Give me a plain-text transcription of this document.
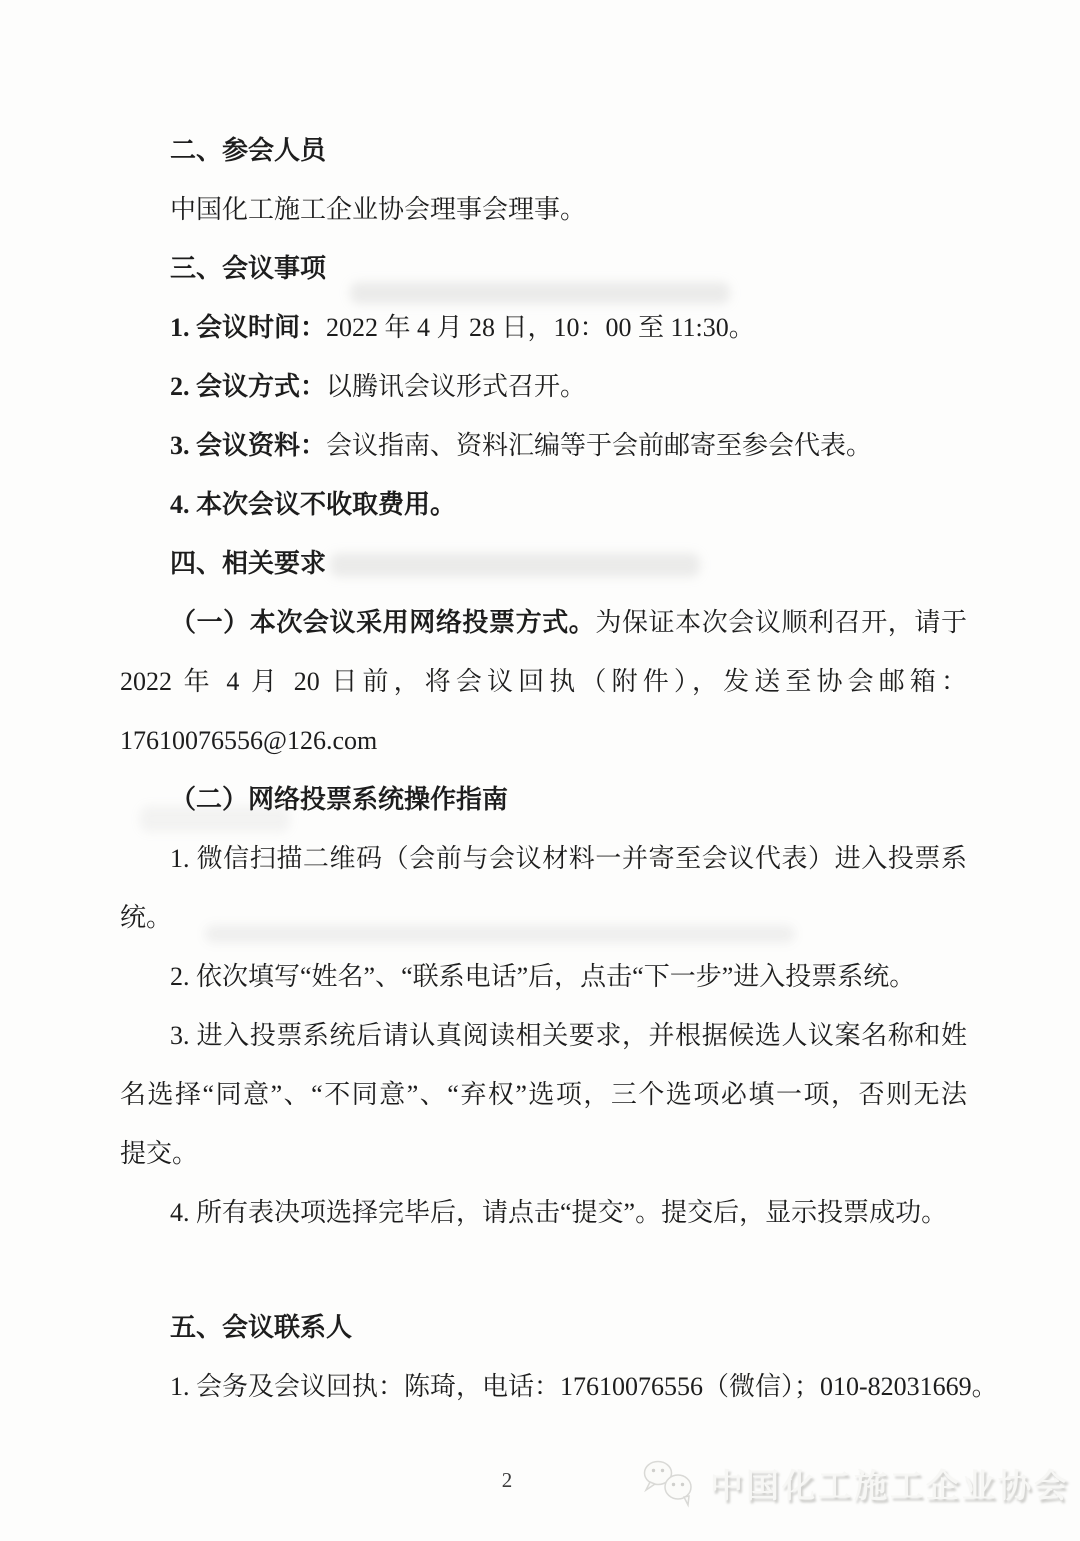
二、参会人员
中国化工施工企业协会理事会理事。
三、会议事项
1. 会议时间：2022 年 4 月 28 日，10：00 至 11:30。
2. 会议方式：以腾讯会议形式召开。
3. 会议资料：会议指南、资料汇编等于会前邮寄至参会代表。
4. 本次会议不收取费用。
四、相关要求
（一）本次会议采用网络投票方式。为保证本次会议顺利召开，请于
2022 年 4 月 20 日前，将会议回执（附件），发送至协会邮箱：
17610076556@126.com
（二）网络投票系统操作指南
1. 微信扫描二维码（会前与会议材料一并寄至会议代表）进入投票系
统。
2. 依次填写“姓名”、“联系电话”后，点击“下一步”进入投票系统。
3. 进入投票系统后请认真阅读相关要求，并根据候选人议案名称和姓
名选择“同意”、“不同意”、“弃权”选项，三个选项必填一项，否则无法
提交。
4. 所有表决项选择完毕后，请点击“提交”。提交后，显示投票成功。
五、会议联系人
1. 会务及会议回执：陈琦，电话：17610076556（微信）；010-82031669。
2	中国化工施工企业协会
